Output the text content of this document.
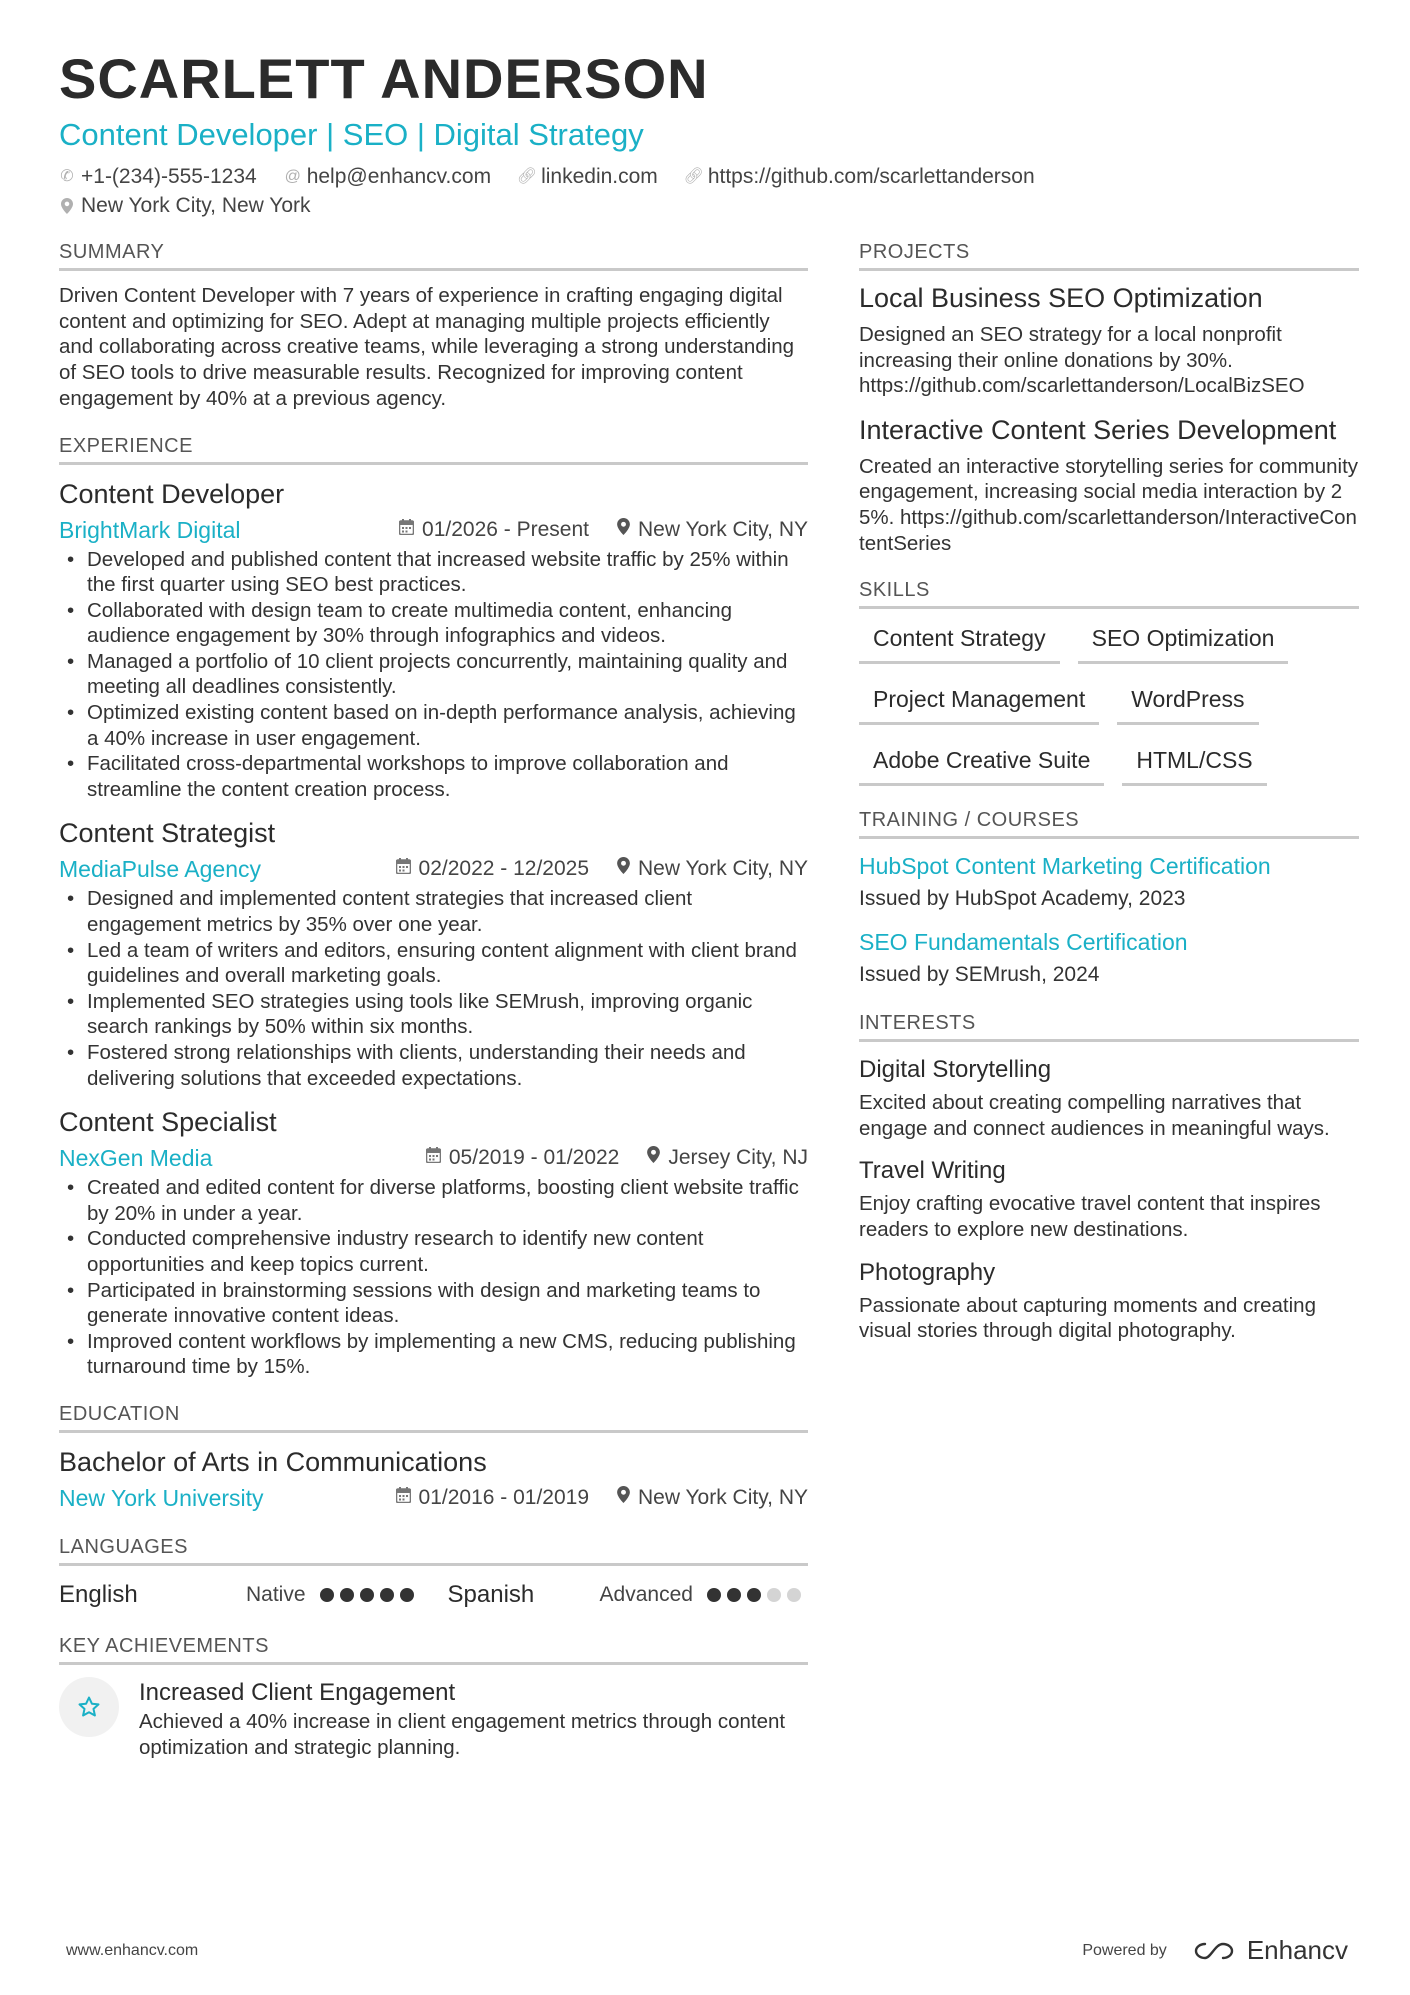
SCARLETT ANDERSON
Content Developer | SEO | Digital Strategy
✆ +1-(234)-555-1234 @ help@enhancv.com 🔗︎ linkedin.com 🔗︎ https://github.com/scarlettanderson
New York City, New York
SUMMARY
Driven Content Developer with 7 years of experience in crafting engaging digital content and optimizing for SEO. Adept at managing multiple projects efficiently and collaborating across creative teams, while leveraging a strong understanding of SEO tools to drive measurable results. Recognized for improving content engagement by 40% at a previous agency.
EXPERIENCE
Content Developer
BrightMark Digital	01/2026 - Present New York City, NY
• Developed and published content that increased website traffic by 25% within the first quarter using SEO best practices.
• Collaborated with design team to create multimedia content, enhancing audience engagement by 30% through infographics and videos.
• Managed a portfolio of 10 client projects concurrently, maintaining quality and meeting all deadlines consistently.
• Optimized existing content based on in-depth performance analysis, achieving a 40% increase in user engagement.
• Facilitated cross-departmental workshops to improve collaboration and streamline the content creation process.
Content Strategist
MediaPulse Agency	02/2022 - 12/2025 New York City, NY
• Designed and implemented content strategies that increased client engagement metrics by 35% over one year.
• Led a team of writers and editors, ensuring content alignment with client brand guidelines and overall marketing goals.
• Implemented SEO strategies using tools like SEMrush, improving organic search rankings by 50% within six months.
• Fostered strong relationships with clients, understanding their needs and delivering solutions that exceeded expectations.
Content Specialist
NexGen Media	05/2019 - 01/2022 Jersey City, NJ
• Created and edited content for diverse platforms, boosting client website traffic by 20% in under a year.
• Conducted comprehensive industry research to identify new content opportunities and keep topics current.
• Participated in brainstorming sessions with design and marketing teams to generate innovative content ideas.
• Improved content workflows by implementing a new CMS, reducing publishing turnaround time by 15%.
EDUCATION
Bachelor of Arts in Communications
New York University	01/2016 - 01/2019 New York City, NY
LANGUAGES
English	Native	Spanish	Advanced
KEY ACHIEVEMENTS
Increased Client Engagement
Achieved a 40% increase in client engagement metrics through content optimization and strategic planning.
PROJECTS
Local Business SEO Optimization
Designed an SEO strategy for a local nonprofit increasing their online donations by 30%. https://github.com/scarlettanderson/LocalBizSEO
Interactive Content Series Development
Created an interactive storytelling series for community engagement, increasing social media interaction by 25%. https://github.com/scarlettanderson/InteractiveContentSeries
SKILLS
Content Strategy	SEO Optimization
Project Management	WordPress
Adobe Creative Suite	HTML/CSS
TRAINING / COURSES
HubSpot Content Marketing Certification
Issued by HubSpot Academy, 2023
SEO Fundamentals Certification
Issued by SEMrush, 2024
INTERESTS
Digital Storytelling
Excited about creating compelling narratives that engage and connect audiences in meaningful ways.
Travel Writing
Enjoy crafting evocative travel content that inspires readers to explore new destinations.
Photography
Passionate about capturing moments and creating visual stories through digital photography.
www.enhancv.com	Powered by	Enhancv
